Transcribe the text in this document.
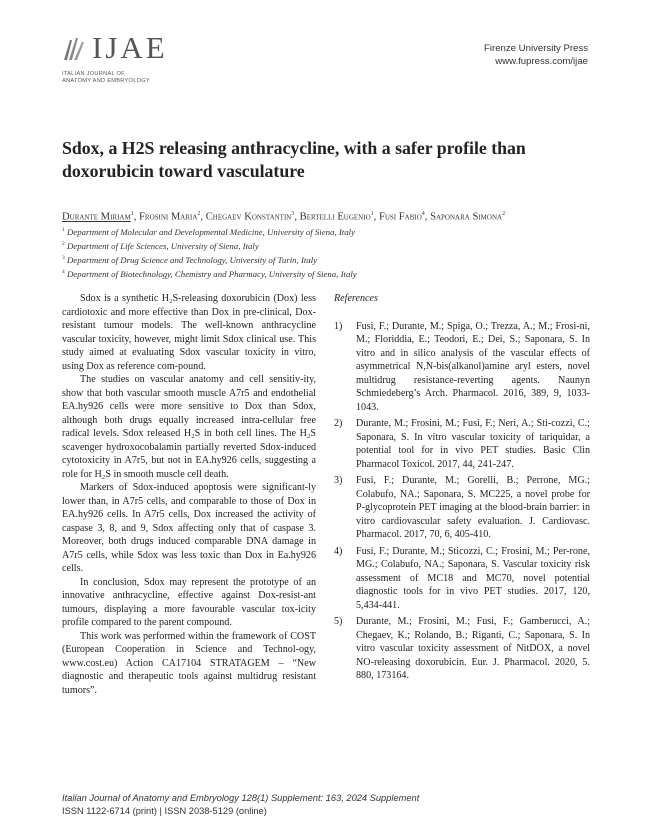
IJAE
ITALIAN JOURNAL OF
ANATOMY AND EMBRYOLOGY
Firenze University Press
www.fupress.com/ijae
Sdox, a H2S releasing anthracycline, with a safer profile than doxorubicin toward vasculature
Durante Miriam$^1$, Frosini Maria$^2$, Chegaev Konstantin$^3$, Bertelli Eugenio$^1$, Fusi Fabio$^4$, Saponara Simona$^2$
$^1$ Department of Molecular and Developmental Medicine, University of Siena, Italy
$^2$ Department of Life Sciences, University of Siena, Italy
$^3$ Department of Drug Science and Technology, University of Turin, Italy
$^4$ Department of Biotechnology, Chemistry and Pharmacy, University of Siena, Italy

Sdox is a synthetic H₂S-releasing doxorubicin (Dox) less cardiotoxic and more effective than Dox in pre-clinical, Dox-resistant tumour models. The well-known anthracycline vascular toxicity, however, might limit Sdox clinical use. This study aimed at evaluating Sdox vascular toxicity in vitro, using Dox as reference com-pound.

The studies on vascular anatomy and cell sensitiv-ity, show that both vascular smooth muscle A7r5 and endothelial EA.hy926 cells were more sensitive to Dox than Sdox, although both drugs equally increased intra-cellular free radical levels. Sdox released H₂S in both cell lines. The H₂S scavenger hydroxocobalamin partially reverted Sdox-induced cytotoxicity in A7r5, but not in EA.hy926 cells, suggesting a role for H₂S in smooth muscle cell death.

Markers of Sdox-induced apoptosis were significant-ly lower than, in A7r5 cells, and comparable to those of Dox in EA.hy926 cells. In A7r5 cells, Dox increased the activity of caspase 3, 8, and 9, Sdox affecting only that of caspase 3. Moreover, both drugs induced comparable DNA damage in A7r5 cells, while Sdox was less toxic than Dox in Ea.hy926 cells.

In conclusion, Sdox may represent the prototype of an innovative anthracycline, effective against Dox-resist-ant tumours, displaying a more favourable vascular tox-icity profile compared to the parent compound.

This work was performed within the framework of COST (European Cooperation in Science and Technol-ogy, www.cost.eu) Action CA17104 STRATAGEM – “New diagnostic and therapeutic tools against multidrug resistant tumors”.

References
1) Fusi, F.; Durante, M.; Spiga, O.; Trezza, A.; M.; Frosi-ni, M.; Floriddia, E.; Teodori, E.; Dei, S.; Saponara, S. In vitro and in silico analysis of the vascular effects of asymmetrical N,N-bis(alkanol)amine aryl esters, novel multidrug resistance-reverting agents. Naunyn Schmiedeberg’s Arch. Pharmacol. 2016, 389, 9, 1033-1043.
2) Durante, M.; Frosini, M.; Fusi, F.; Neri, A.; Sti-cozzi, C.; Saponara, S. In vitro vascular toxicity of tariquidar, a potential tool for in vivo PET studies. Basic Clin Pharmacol Toxicol. 2017, 44, 241-247.
3) Fusi, F.; Durante, M.; Gorelli, B.; Perrone, MG.; Colabufo, NA.; Saponara, S. MC225, a novel probe for P-glycoprotein PET imaging at the blood-brain barrier: in vitro cardiovascular safety evaluation. J. Cardiovasc. Pharmacol. 2017, 70, 6, 405-410.
4) Fusi, F.; Durante, M.; Sticozzi, C.; Frosini, M.; Per-rone, MG.; Colabufo, NA.; Saponara, S. Vascular toxicity risk assessment of MC18 and MC70, novel potential diagnostic tools for in vivo PET studies. 2017, 120, 5,434-441.
5) Durante, M.; Frosini, M.; Fusi, F.; Gamberucci, A.; Chegaev, K.; Rolando, B.; Riganti, C.; Saponara, S. In vitro vascular toxicity assessment of NitDOX, a novel NO-releasing doxorubicin. Eur. J. Pharmacol. 2020, 5. 880, 173164.
Italian Journal of Anatomy and Embryology 128(1) Supplement: 163, 2024 Supplement
ISSN 1122-6714 (print) | ISSN 2038-5129 (online)
